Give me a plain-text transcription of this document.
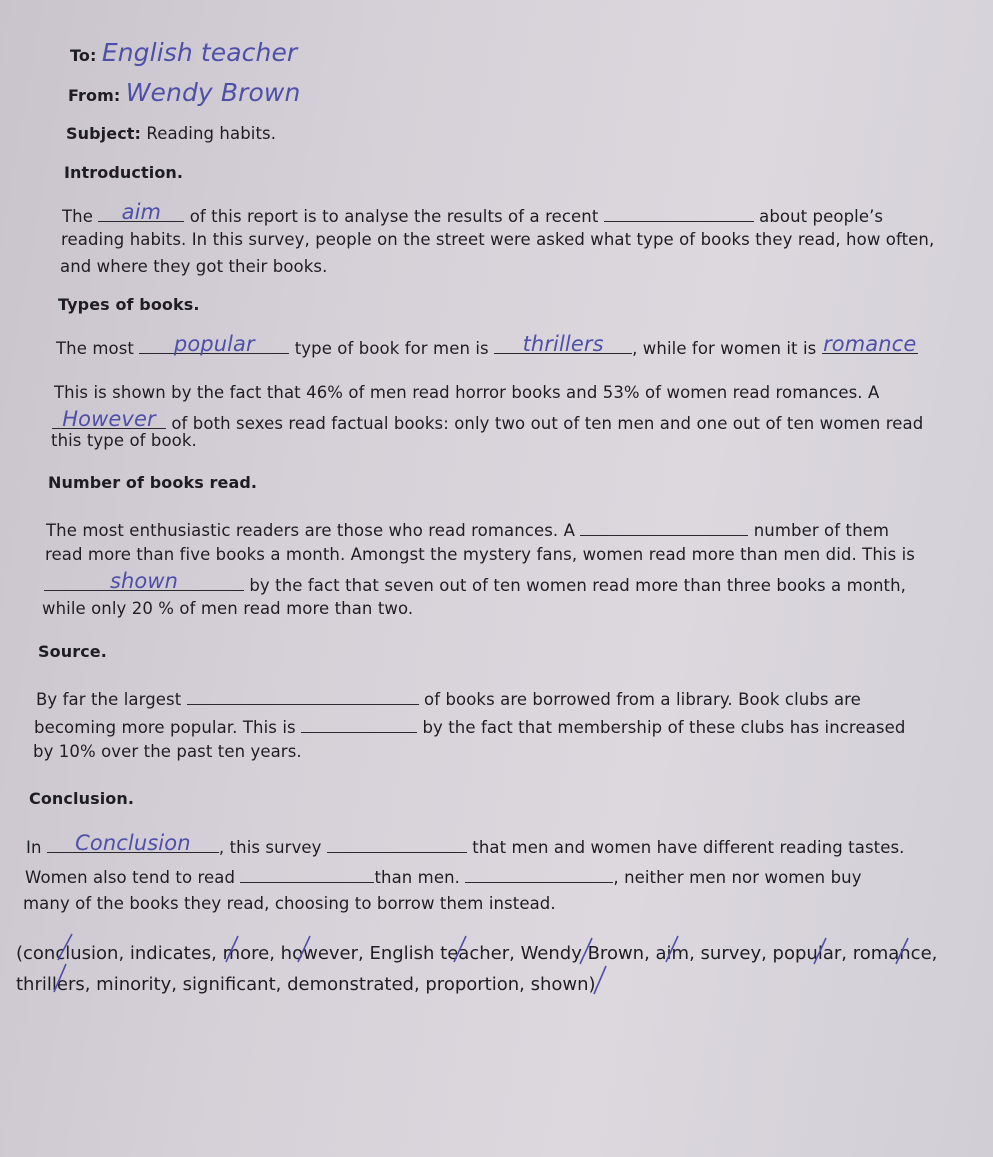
To: English teacher
From: Wendy Brown
Subject: Reading habits.
Introduction.
The	aim	of this report is to analyse the results of a recent	about people’s
reading habits. In this survey, people on the street were asked what type of books they read, how often,
and where they got their books.
Types of books.
The most	popular	type of book for men is	thrillers	, while for women it is romance
This is shown by the fact that 46% of men read horror books and 53% of women read romances. A
However of both sexes read factual books: only two out of ten men and one out of ten women read
this type of book.
Number of books read.
The most enthusiastic readers are those who read romances. A	number of them
read more than five books a month. Amongst the mystery fans, women read more than men did. This is
shown	by the fact that seven out of ten women read more than three books a month,
while only 20 % of men read more than two.
Source.
By far the largest	of books are borrowed from a library. Book clubs are
becoming more popular. This is	by the fact that membership of these clubs has increased
by 10% over the past ten years.
Conclusion.
In	Conclusion	, this survey	that men and women have different reading tastes.
Women also tend to read	than men.	, neither men nor women buy
many of the books they read, choosing to borrow them instead.
(conclusion, indicates, more, however, English teacher, Wendy Brown, aim, survey, popular, romance, thrillers, minority, significant, demonstrated, proportion, shown)
